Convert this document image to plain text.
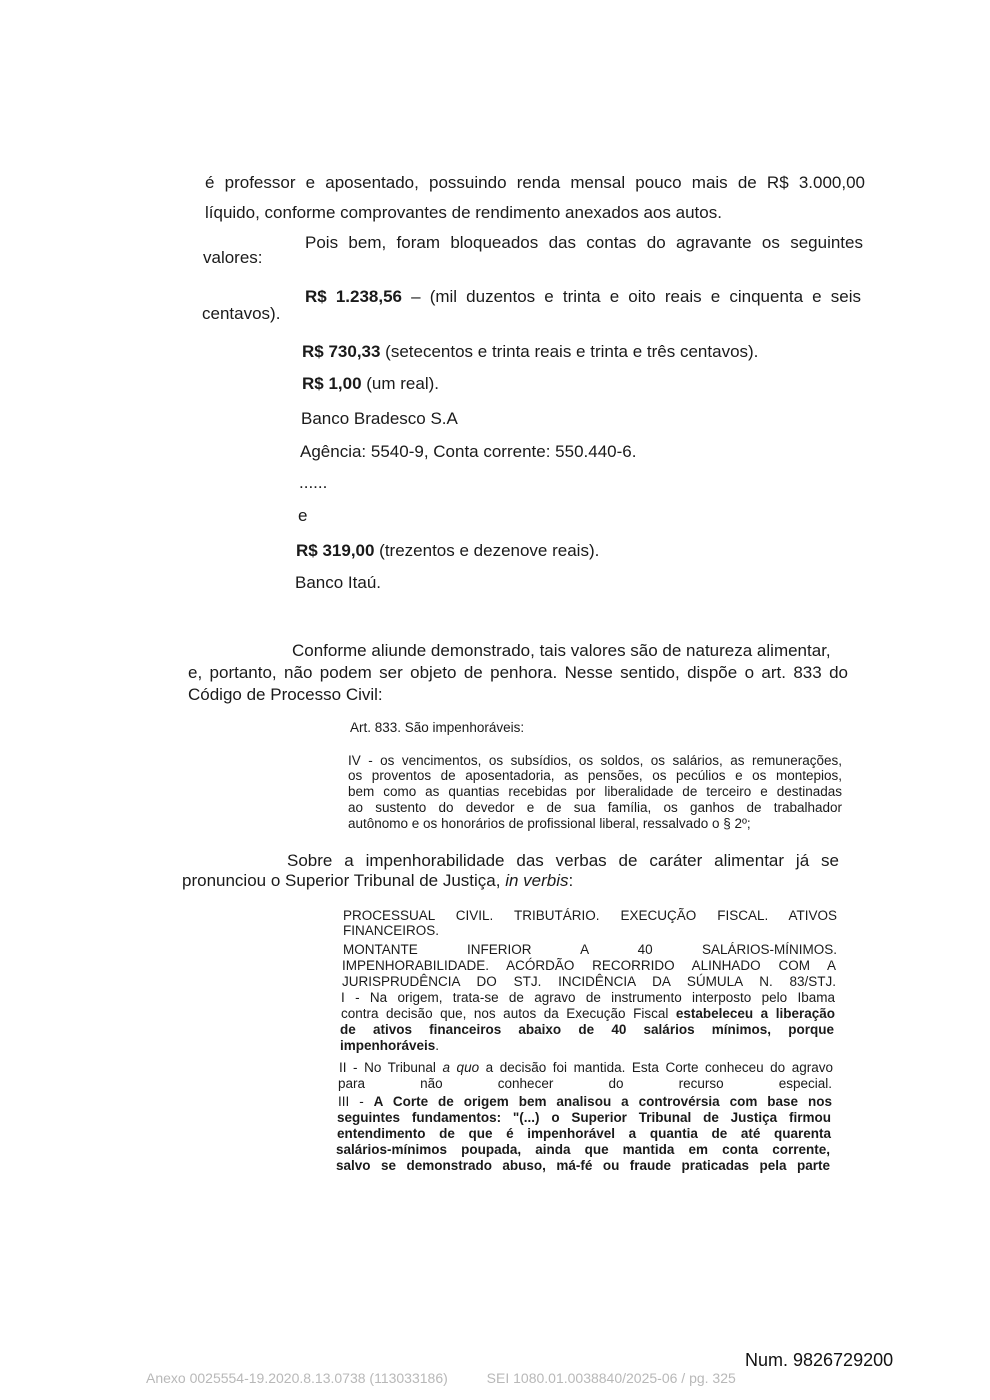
é professor e aposentado, possuindo renda mensal pouco mais de R$ 3.000,00
líquido, conforme comprovantes de rendimento anexados aos autos.
Pois bem, foram bloqueados das contas do agravante os seguintes
valores:
R$ 1.238,56 – (mil duzentos e trinta e oito reais e cinquenta e seis
centavos).
R$ 730,33 (setecentos e trinta reais e trinta e três centavos).
R$ 1,00 (um real).
Banco Bradesco S.A
Agência: 5540-9, Conta corrente: 550.440-6.
......
e
R$ 319,00 (trezentos e dezenove reais).
Banco Itaú.
Conforme aliunde demonstrado, tais valores são de natureza alimentar,
e, portanto, não podem ser objeto de penhora. Nesse sentido, dispõe o art. 833 do
Código de Processo Civil:
Art. 833. São impenhoráveis:
IV - os vencimentos, os subsídios, os soldos, os salários, as remunerações,
os proventos de aposentadoria, as pensões, os pecúlios e os montepios,
bem como as quantias recebidas por liberalidade de terceiro e destinadas
ao sustento do devedor e de sua família, os ganhos de trabalhador
autônomo e os honorários de profissional liberal, ressalvado o § 2º;
Sobre a impenhorabilidade das verbas de caráter alimentar já se
pronunciou o Superior Tribunal de Justiça, in verbis:
PROCESSUAL CIVIL. TRIBUTÁRIO. EXECUÇÃO FISCAL. ATIVOS
FINANCEIROS.
MONTANTE INFERIOR A 40 SALÁRIOS-MÍNIMOS.
IMPENHORABILIDADE. ACÓRDÃO RECORRIDO ALINHADO COM A
JURISPRUDÊNCIA DO STJ. INCIDÊNCIA DA SÚMULA N. 83/STJ.
I - Na origem, trata-se de agravo de instrumento interposto pelo Ibama
contra decisão que, nos autos da Execução Fiscal estabeleceu a liberação
de ativos financeiros abaixo de 40 salários mínimos, porque
impenhoráveis.
II - No Tribunal a quo a decisão foi mantida. Esta Corte conheceu do agravo
para não conhecer do recurso especial.
III - A Corte de origem bem analisou a controvérsia com base nos
seguintes fundamentos: "(...) o Superior Tribunal de Justiça firmou
entendimento de que é impenhorável a quantia de até quarenta
salários-mínimos poupada, ainda que mantida em conta corrente,
salvo se demonstrado abuso, má-fé ou fraude praticadas pela parte
Num. 9826729200
Anexo 0025554-19.2020.8.13.0738 (113033186)          SEI 1080.01.0038840/2025-06 / pg. 325
